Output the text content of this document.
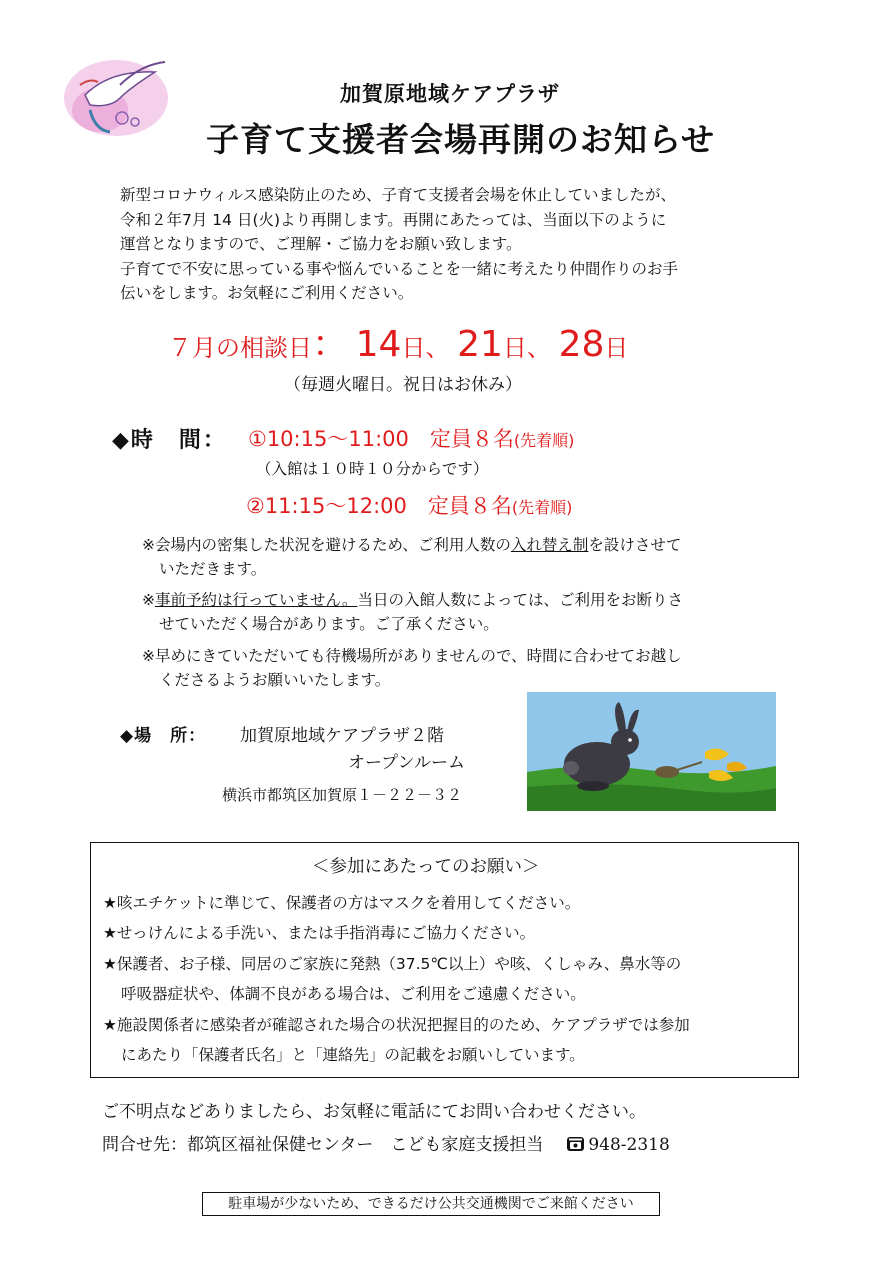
加賀原地域ケアプラザ
子育て支援者会場再開のお知らせ

新型コロナウィルス感染防止のため、子育て支援者会場を休止していましたが、

令和２年7月 14 日(火)より再開します。再開にあたっては、当面以下のように

運営となりますので、ご理解・ご協力をお願い致します。

子育てで不安に思っている事や悩んでいることを一緒に考えたり仲間作りのお手

伝いをします。お気軽にご利用ください。

７月の相談日： 14日、 21日、 28日
（毎週火曜日。祝日はお休み）
◆時　間： ①10:15～11:00　 定員８名(先着順)
（入館は１０時１０分からです）
②11:15～12:00　 定員８名(先着順)

※会場内の密集した状況を避けるため、ご利用人数の入れ替え制を設けさせて

いただきます。

※事前予約は行っていません。当日の入館人数によっては、ご利用をお断りさ

せていただく場合があります。ご了承ください。

※早めにきていただいても待機場所がありませんので、時間に合わせてお越し

くださるようお願いいたします。

◆場　所： 加賀原地域ケアプラザ２階
オープンルーム
横浜市都筑区加賀原１－２２－３２
＜参加にあたってのお願い＞
★咳エチケットに準じて、保護者の方はマスクを着用してください。
★せっけんによる手洗い、または手指消毒にご協力ください。

★保護者、お子様、同居のご家族に発熱（37.5℃以上）や咳、くしゃみ、鼻水等の

呼吸器症状や、体調不良がある場合は、ご利用をご遠慮ください。

★施設関係者に感染者が確認された場合の状況把握目的のため、ケアプラザでは参加

にあたり「保護者氏名」と「連絡先」の記載をお願いしています。

ご不明点などありましたら、お気軽に電話にてお問い合わせください。
問合せ先：都筑区福祉保健センター　こども家庭支援担当	948-2318
駐車場が少ないため、できるだけ公共交通機関でご来館ください
